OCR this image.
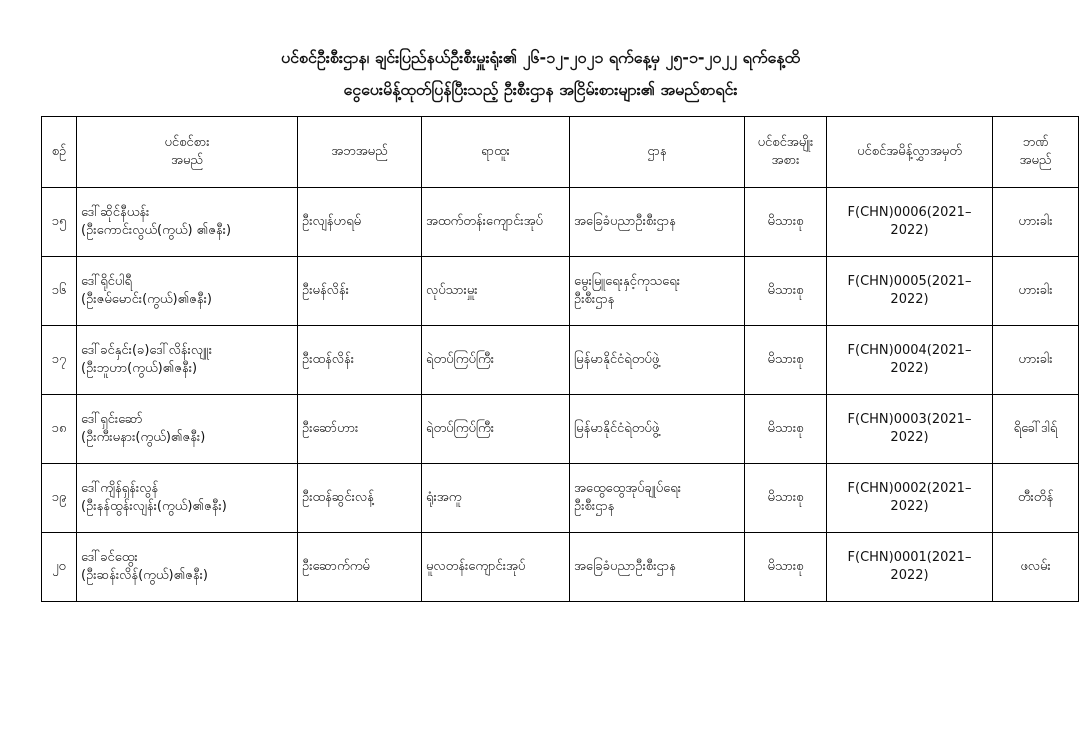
ပင်စင်ဦးစီးဌာန၊ ချင်းပြည်နယ်ဦးစီးမှူးရုံး၏ ၂၆-၁၂-၂၀၂၁ ရက်နေ့မှ ၂၅-၁-၂၀၂၂ ရက်နေ့ထိ
ငွေပေးမိန့်ထုတ်ပြန်ပြီးသည့် ဦးစီးဌာန အငြိမ်းစားများ၏ အမည်စာရင်း
စဉ်	ပင်စင်စား
အမည်	အဘအမည်	ရာထူး	ဌာန	ပင်စင်အမျိုး
အစား	ပင်စင်အမိန့်လွှာအမှတ်	ဘဏ်
အမည်

၁၅	ဒေါ်ဆိုင်နီယန်း
(ဦးကောင်းလွယ်(ကွယ်) ၏ဇနီး)	ဦးလျန်ဟရမ်	အထက်တန်းကျောင်းအုပ်	အခြေခံပညာဦးစီးဌာန	မိသားစု	F(CHN)0006(2021–2022)	ဟားခါး
၁၆	ဒေါ်ရိုင်ပါရီ
(ဦးဇမ်မောင်း(ကွယ်)၏ဇနီး)	ဦးမန်လိန်း	လုပ်သားမှူး	မွေးမြူရေးနှင့်ကုသရေး
ဦးစီးဌာန	မိသားစု	F(CHN)0005(2021–2022)	ဟားခါး
၁၇	ဒေါ်ခင်နှင်း(ခ)ဒေါ်လိန်းလျူး
(ဦးဘူဟာ(ကွယ်)၏ဇနီး)	ဦးထန်လိန်း	ရဲတပ်ကြပ်ကြီး	မြန်မာနိုင်ငံရဲတပ်ဖွဲ့	မိသားစု	F(CHN)0004(2021–2022)	ဟားခါး
၁၈	ဒေါ်ရှင်းဆော်
(ဦးကီးမနား(ကွယ်)၏ဇနီး)	ဦးဆော်ဟား	ရဲတပ်ကြပ်ကြီး	မြန်မာနိုင်ငံရဲတပ်ဖွဲ့	မိသားစု	F(CHN)0003(2021–2022)	ရိခေါ်ဒါရ်
၁၉	ဒေါ်ကျိန်ရှန်းလွန်
(ဦးနန်ထွန်းလျန်း(ကွယ်)၏ဇနီး)	ဦးထန်ဆွင်းလန့်	ရုံးအကူ	အထွေထွေအုပ်ချုပ်ရေး
ဦးစီးဌာန	မိသားစု	F(CHN)0002(2021–2022)	တီးတိန်
၂၀	ဒေါ်ခင်ထွေး
(ဦးဆန်းလိန်(ကွယ်)၏ဇနီး)	ဦးဆောက်ကမ်	မူလတန်းကျောင်းအုပ်	အခြေခံပညာဦးစီးဌာန	မိသားစု	F(CHN)0001(2021–2022)	ဖလမ်း
